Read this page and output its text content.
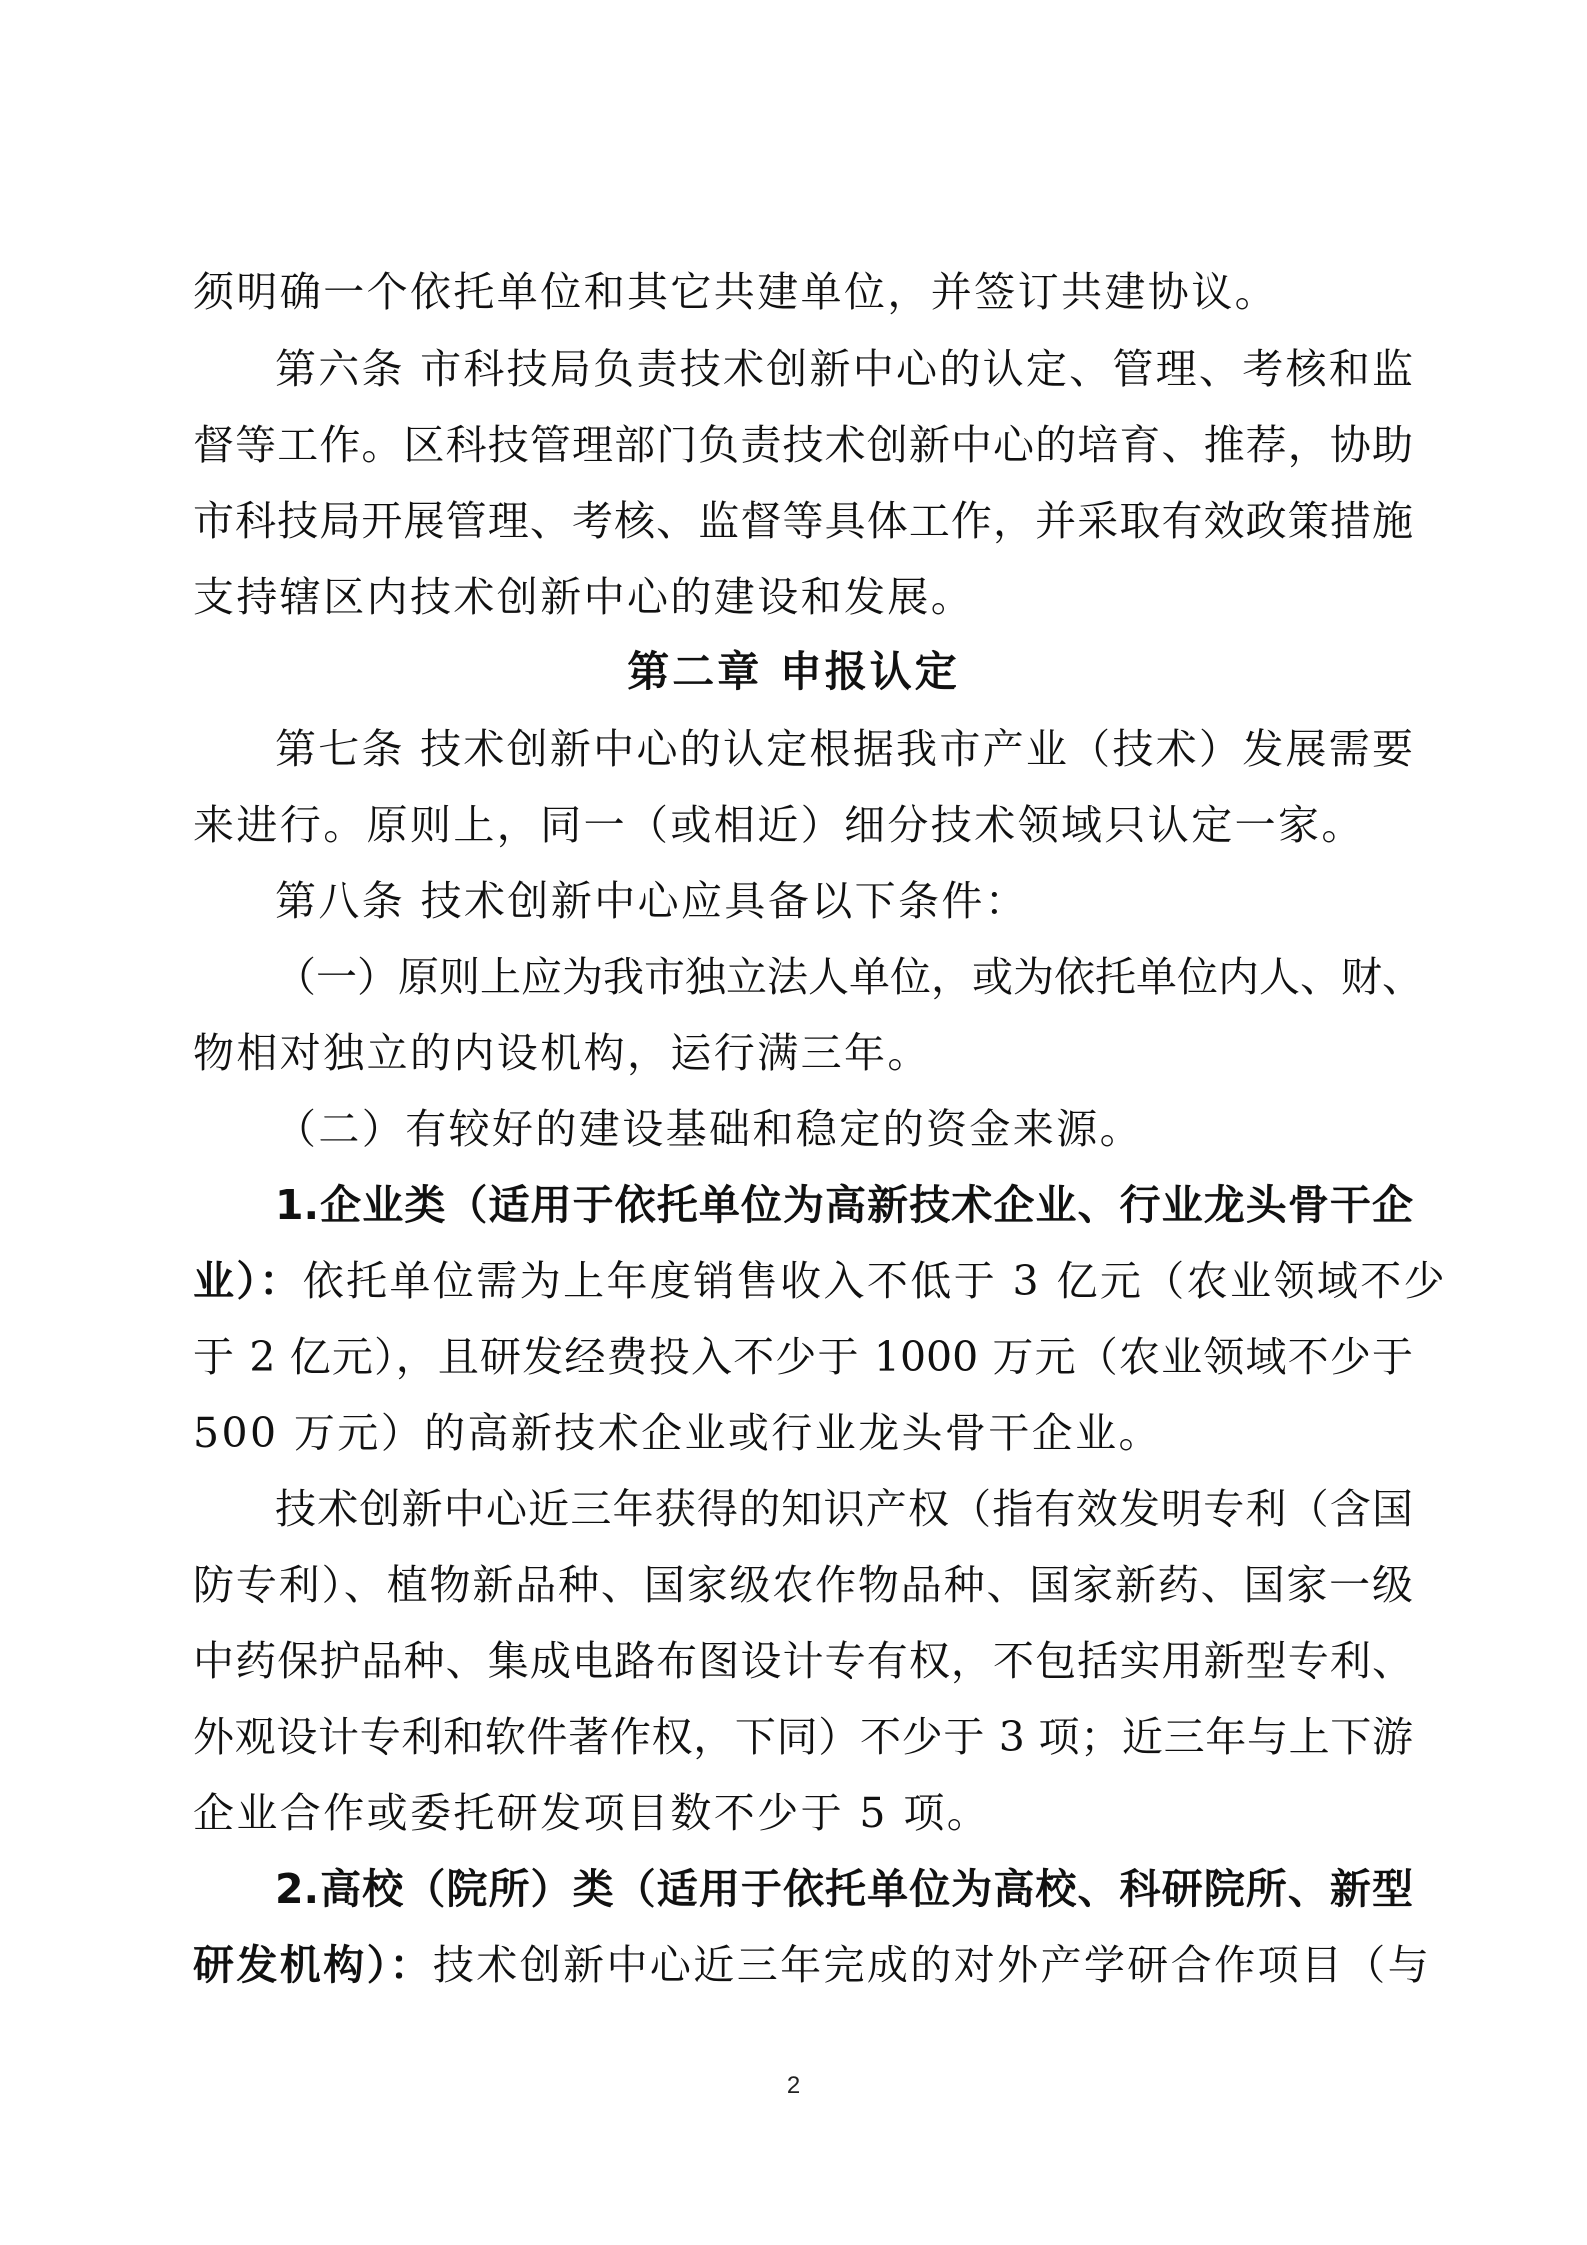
须明确一个依托单位和其它共建单位，并签订共建协议。
第六条 市科技局负责技术创新中心的认定、管理、考核和监
督等工作。区科技管理部门负责技术创新中心的培育、推荐，协助
市科技局开展管理、考核、监督等具体工作，并采取有效政策措施
支持辖区内技术创新中心的建设和发展。
第二章 申报认定
第七条 技术创新中心的认定根据我市产业（技术）发展需要
来进行。原则上，同一（或相近）细分技术领域只认定一家。
第八条 技术创新中心应具备以下条件：
（一）原则上应为我市独立法人单位，或为依托单位内人、财、
物相对独立的内设机构，运行满三年。
（二）有较好的建设基础和稳定的资金来源。
1.企业类（适用于依托单位为高新技术企业、行业龙头骨干企
业）：依托单位需为上年度销售收入不低于 3 亿元（农业领域不少
于 2 亿元），且研发经费投入不少于 1000 万元（农业领域不少于
500 万元）的高新技术企业或行业龙头骨干企业。
技术创新中心近三年获得的知识产权（指有效发明专利（含国
防专利）、植物新品种、国家级农作物品种、国家新药、国家一级
中药保护品种、集成电路布图设计专有权，不包括实用新型专利、
外观设计专利和软件著作权，下同）不少于 3 项；近三年与上下游
企业合作或委托研发项目数不少于 5 项。
2.高校（院所）类（适用于依托单位为高校、科研院所、新型
研发机构）：技术创新中心近三年完成的对外产学研合作项目（与
2
